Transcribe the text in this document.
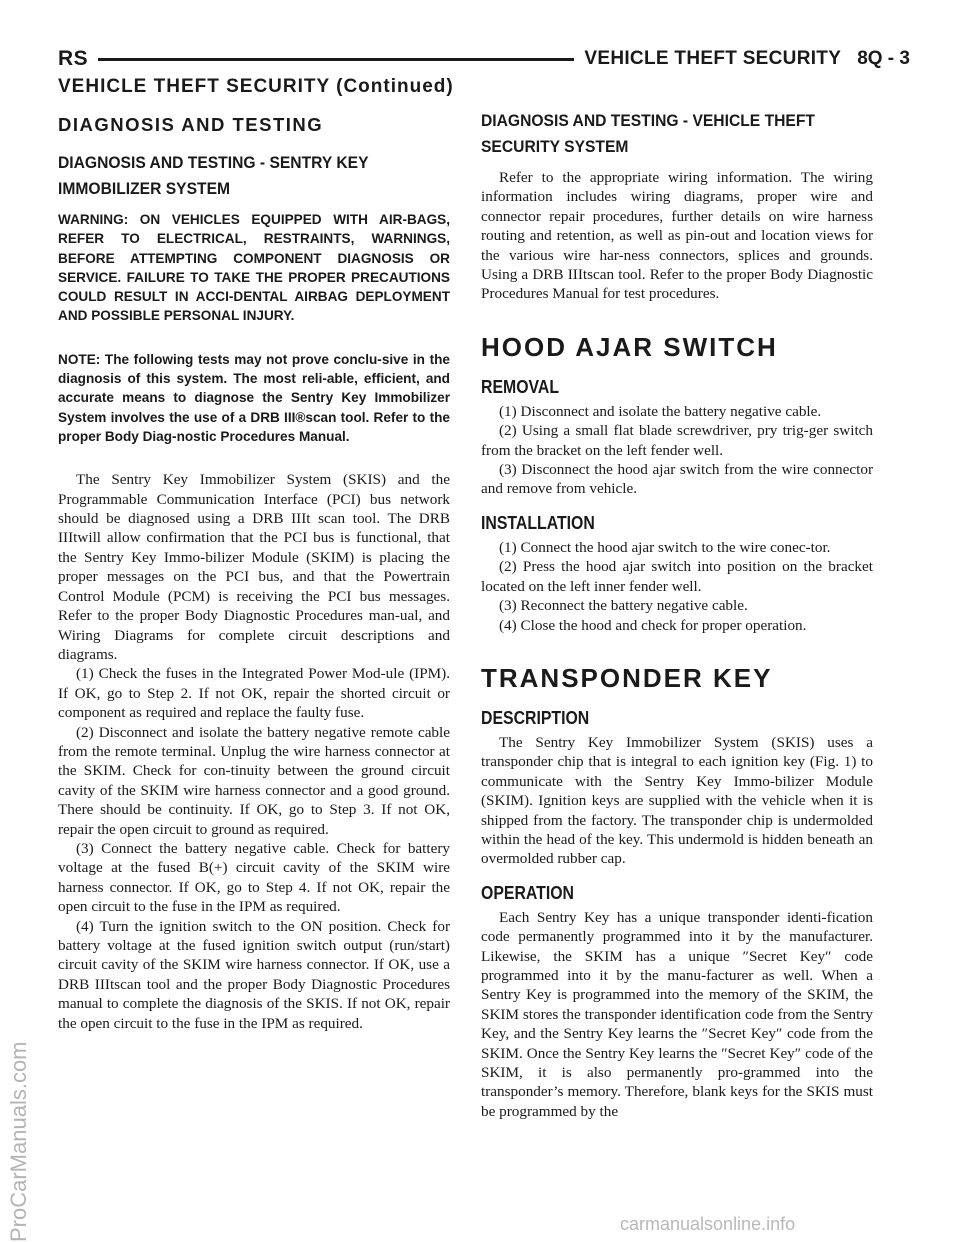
RS	VEHICLE THEFT SECURITY 8Q - 3
VEHICLE THEFT SECURITY (Continued)
DIAGNOSIS AND TESTING
DIAGNOSIS AND TESTING - SENTRY KEY IMMOBILIZER SYSTEM

WARNING: ON VEHICLES EQUIPPED WITH AIR-BAGS, REFER TO ELECTRICAL, RESTRAINTS, WARNINGS, BEFORE ATTEMPTING COMPONENT DIAGNOSIS OR SERVICE. FAILURE TO TAKE THE PROPER PRECAUTIONS COULD RESULT IN ACCI-DENTAL AIRBAG DEPLOYMENT AND POSSIBLE PERSONAL INJURY.

NOTE: The following tests may not prove conclu-sive in the diagnosis of this system. The most reli-able, efficient, and accurate means to diagnose the Sentry Key Immobilizer System involves the use of a DRB III®scan tool. Refer to the proper Body Diag-nostic Procedures Manual.

The Sentry Key Immobilizer System (SKIS) and the Programmable Communication Interface (PCI) bus network should be diagnosed using a DRB IIIt scan tool. The DRB IIItwill allow confirmation that the PCI bus is functional, that the Sentry Key Immo-bilizer Module (SKIM) is placing the proper messages on the PCI bus, and that the Powertrain Control Module (PCM) is receiving the PCI bus messages. Refer to the proper Body Diagnostic Procedures man-ual, and Wiring Diagrams for complete circuit descriptions and diagrams.

(1) Check the fuses in the Integrated Power Mod-ule (IPM). If OK, go to Step 2. If not OK, repair the shorted circuit or component as required and replace the faulty fuse.

(2) Disconnect and isolate the battery negative remote cable from the remote terminal. Unplug the wire harness connector at the SKIM. Check for con-tinuity between the ground circuit cavity of the SKIM wire harness connector and a good ground. There should be continuity. If OK, go to Step 3. If not OK, repair the open circuit to ground as required.

(3) Connect the battery negative cable. Check for battery voltage at the fused B(+) circuit cavity of the SKIM wire harness connector. If OK, go to Step 4. If not OK, repair the open circuit to the fuse in the IPM as required.

(4) Turn the ignition switch to the ON position. Check for battery voltage at the fused ignition switch output (run/start) circuit cavity of the SKIM wire harness connector. If OK, use a DRB IIItscan tool and the proper Body Diagnostic Procedures manual to complete the diagnosis of the SKIS. If not OK, repair the open circuit to the fuse in the IPM as required.

DIAGNOSIS AND TESTING - VEHICLE THEFT SECURITY SYSTEM

Refer to the appropriate wiring information. The wiring information includes wiring diagrams, proper wire and connector repair procedures, further details on wire harness routing and retention, as well as pin-out and location views for the various wire har-ness connectors, splices and grounds. Using a DRB IIItscan tool. Refer to the proper Body Diagnostic Procedures Manual for test procedures.

HOOD AJAR SWITCH
REMOVAL

(1) Disconnect and isolate the battery negative cable.

(2) Using a small flat blade screwdriver, pry trig-ger switch from the bracket on the left fender well.

(3) Disconnect the hood ajar switch from the wire connector and remove from vehicle.

INSTALLATION

(1) Connect the hood ajar switch to the wire conec-tor.

(2) Press the hood ajar switch into position on the bracket located on the left inner fender well.

(3) Reconnect the battery negative cable.

(4) Close the hood and check for proper operation.

TRANSPONDER KEY
DESCRIPTION

The Sentry Key Immobilizer System (SKIS) uses a transponder chip that is integral to each ignition key (Fig. 1) to communicate with the Sentry Key Immo-bilizer Module (SKIM). Ignition keys are supplied with the vehicle when it is shipped from the factory. The transponder chip is undermolded within the head of the key. This undermold is hidden beneath an overmolded rubber cap.

OPERATION

Each Sentry Key has a unique transponder identi-fication code permanently programmed into it by the manufacturer. Likewise, the SKIM has a unique ″Secret Key″ code programmed into it by the manu-facturer as well. When a Sentry Key is programmed into the memory of the SKIM, the SKIM stores the transponder identification code from the Sentry Key, and the Sentry Key learns the ″Secret Key″ code from the SKIM. Once the Sentry Key learns the ″Secret Key″ code of the SKIM, it is also permanently pro-grammed into the transponder’s memory. Therefore, blank keys for the SKIS must be programmed by the

ProCarManuals.com	carmanualsonline.info
